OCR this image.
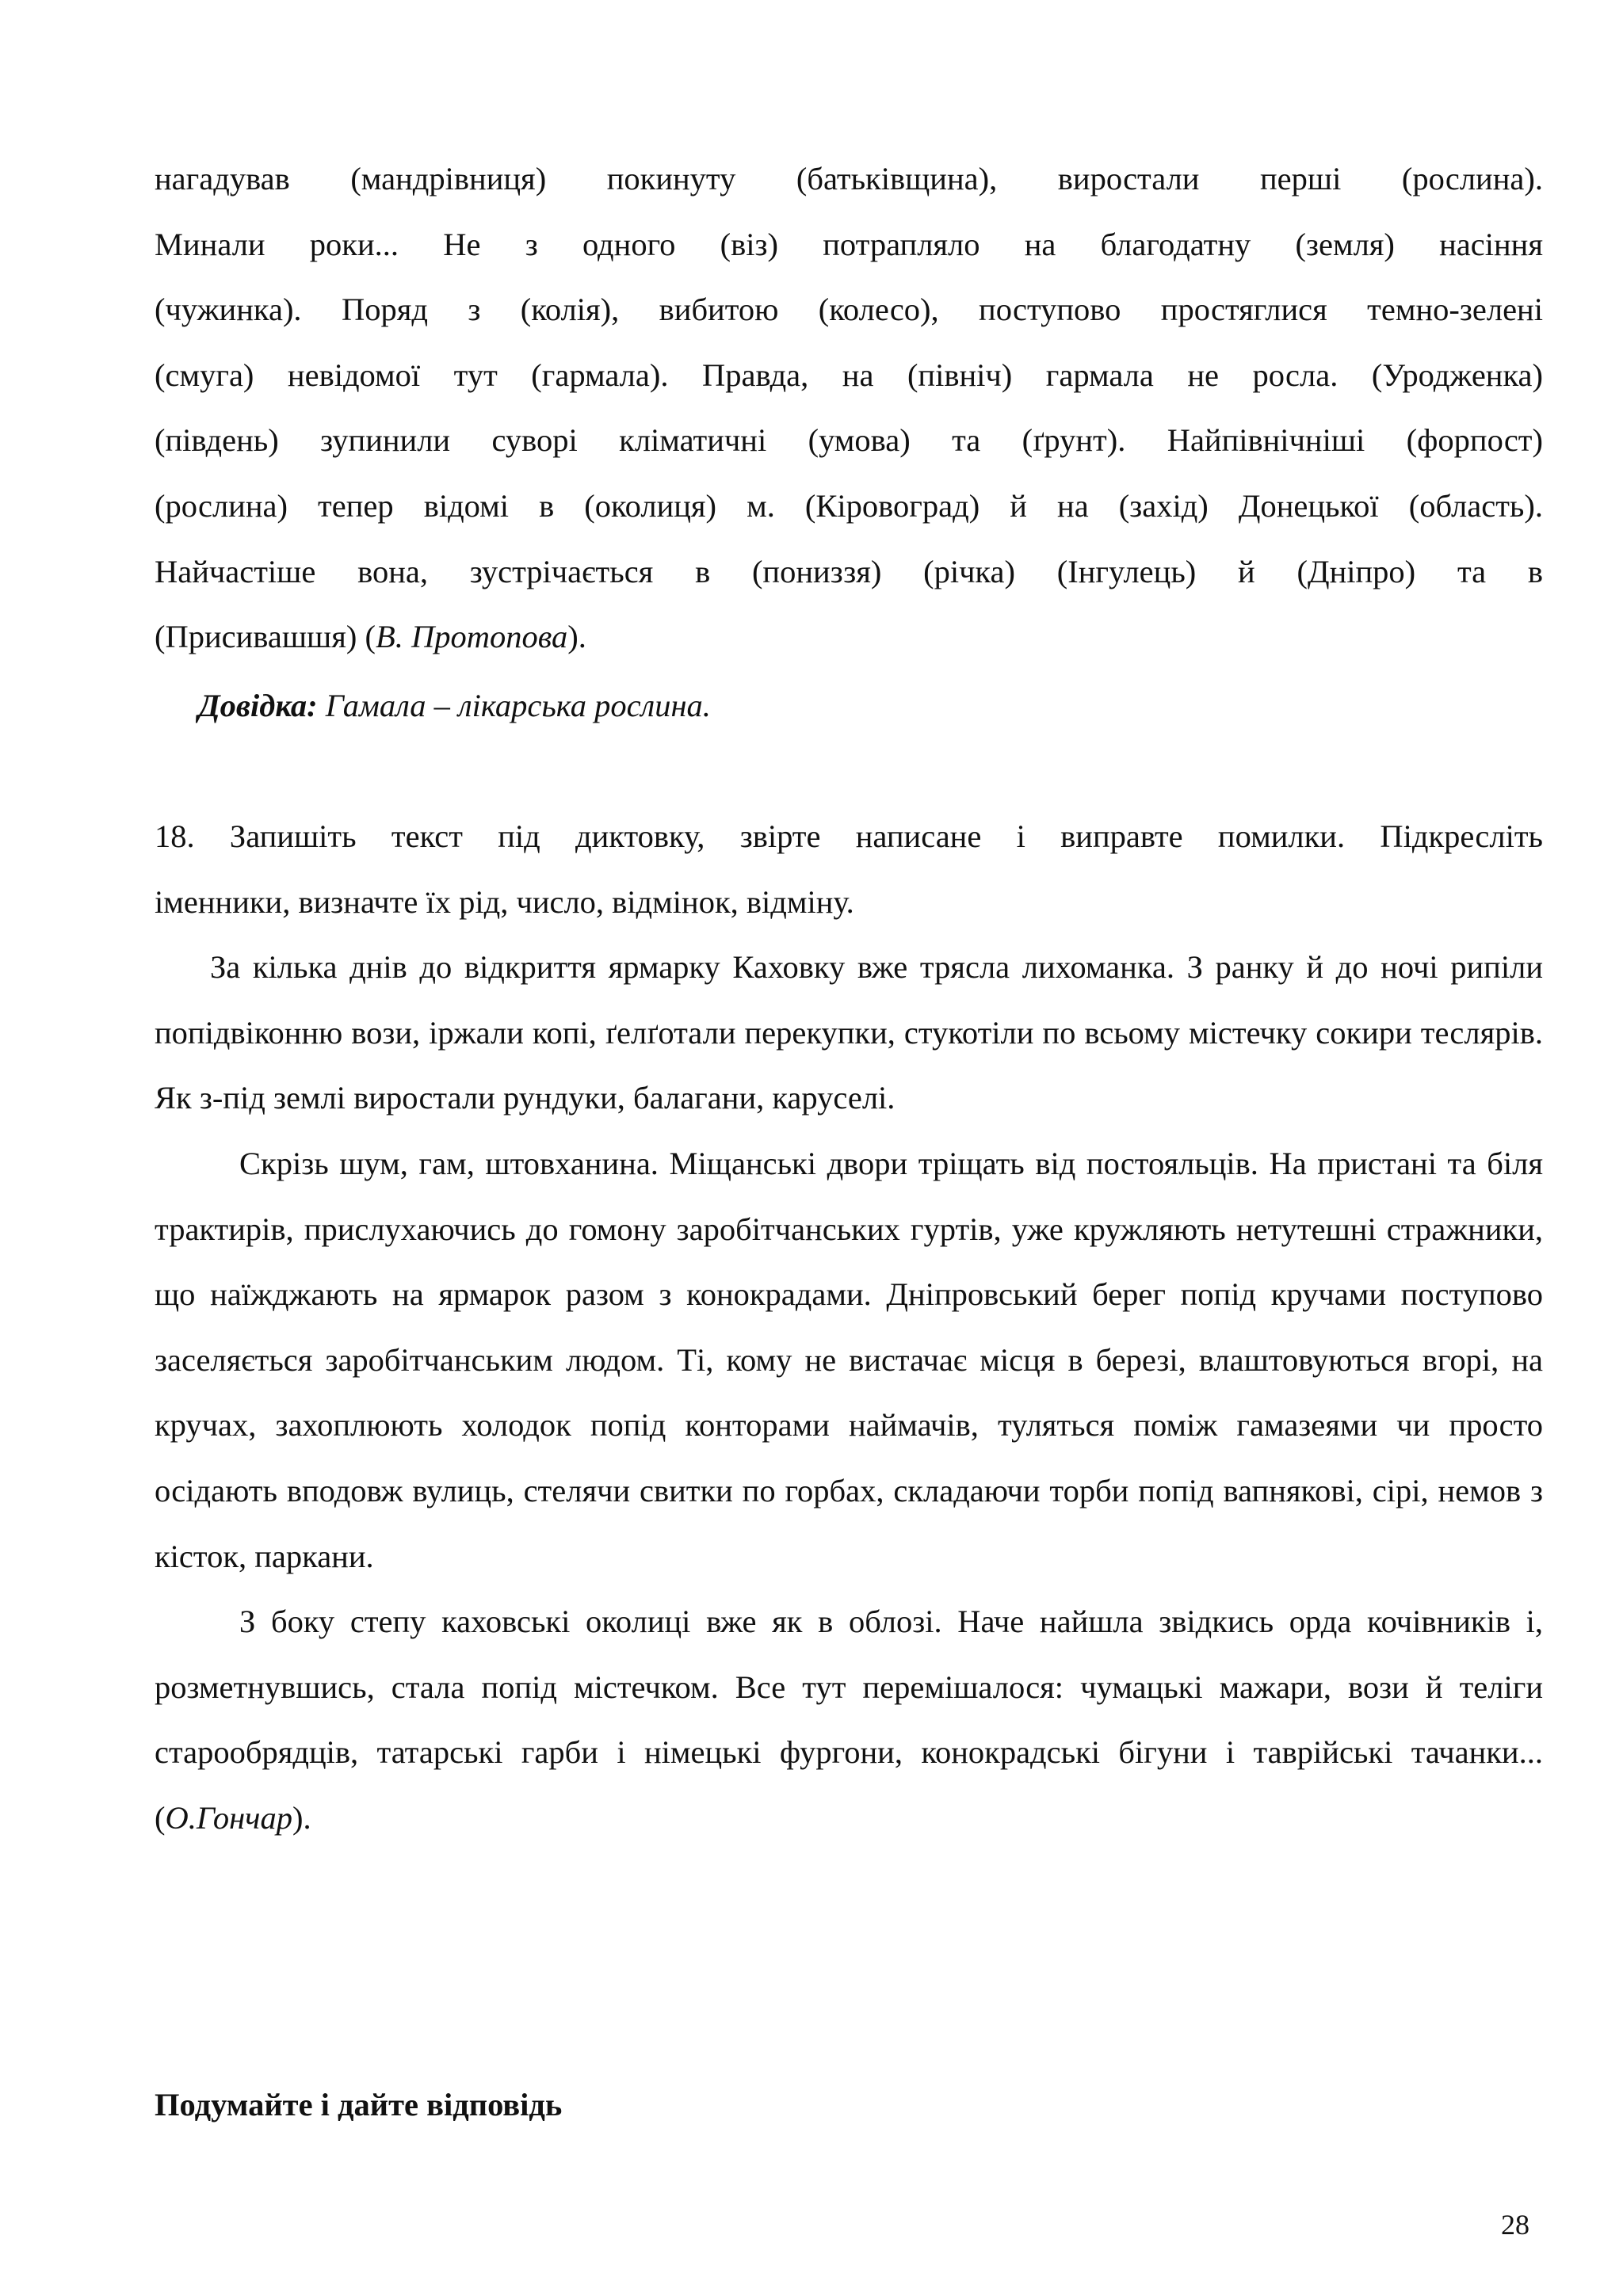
нагадував (мандрівниця) покинуту (батьківщина), виростали перші (рослина).

Минали роки... Не з одного (віз) потрапляло на благодатну (земля) насіння

(чужинка). Поряд з (колія), вибитою (колесо), поступово простяглися темно-зелені

(смуга) невідомої тут (гармала). Правда, на (північ) гармала не росла. (Уродженка)

(південь) зупинили суворі кліматичні (умова) та (ґрунт). Найпівнічніші (форпост)

(рослина) тепер відомі в (околиця) м. (Кіровоград) й на (захід) Донецької (область).

Найчастіше вона, зустрічається в (пониззя) (річка) (Інгулець) й (Дніпро) та в

(Присивашшя) (В. Протопова).

Довідка: Гамала – лікарська рослина.

18. Запишіть текст під диктовку, звірте написане і виправте помилки. Підкресліть

іменники, визначте їх рід, число, відмінок, відміну.

За кілька днів до відкриття ярмарку Каховку вже трясла лихоманка. З ранку й до ночі рипіли попідвіконню вози, іржали копі, ґелґотали перекупки, стукотіли по всьому містечку сокири теслярів. Як з-під землі виростали рундуки, балагани, каруселі.

Скрізь шум, гам, штовханина. Міщанські двори тріщать від постояльців. На пристані та біля трактирів, прислухаючись до гомону заробітчанських гуртів, уже кружляють нетутешні стражники, що наїжджають на ярмарок разом з конокрадами. Дніпровський берег попід кручами поступово заселяється заробітчанським людом. Ті, кому не вистачає місця в березі, влаштовуються вгорі, на кручах, захоплюють холодок попід конторами наймачів, туляться поміж гамазеями чи просто осідають вподовж вулиць, стелячи свитки по горбах, складаючи торби попід вапнякові, сірі, немов з кісток, паркани.

З боку степу каховські околиці вже як в облозі. Наче найшла звідкись орда кочівників і, розметнувшись, стала попід містечком. Все тут перемішалося: чумацькі мажари, вози й теліги старообрядців, татарські гарби і німецькі фургони, конокрадські бігуни і таврійські тачанки... (О.Гончар).

Подумайте і дайте відповідь
28
